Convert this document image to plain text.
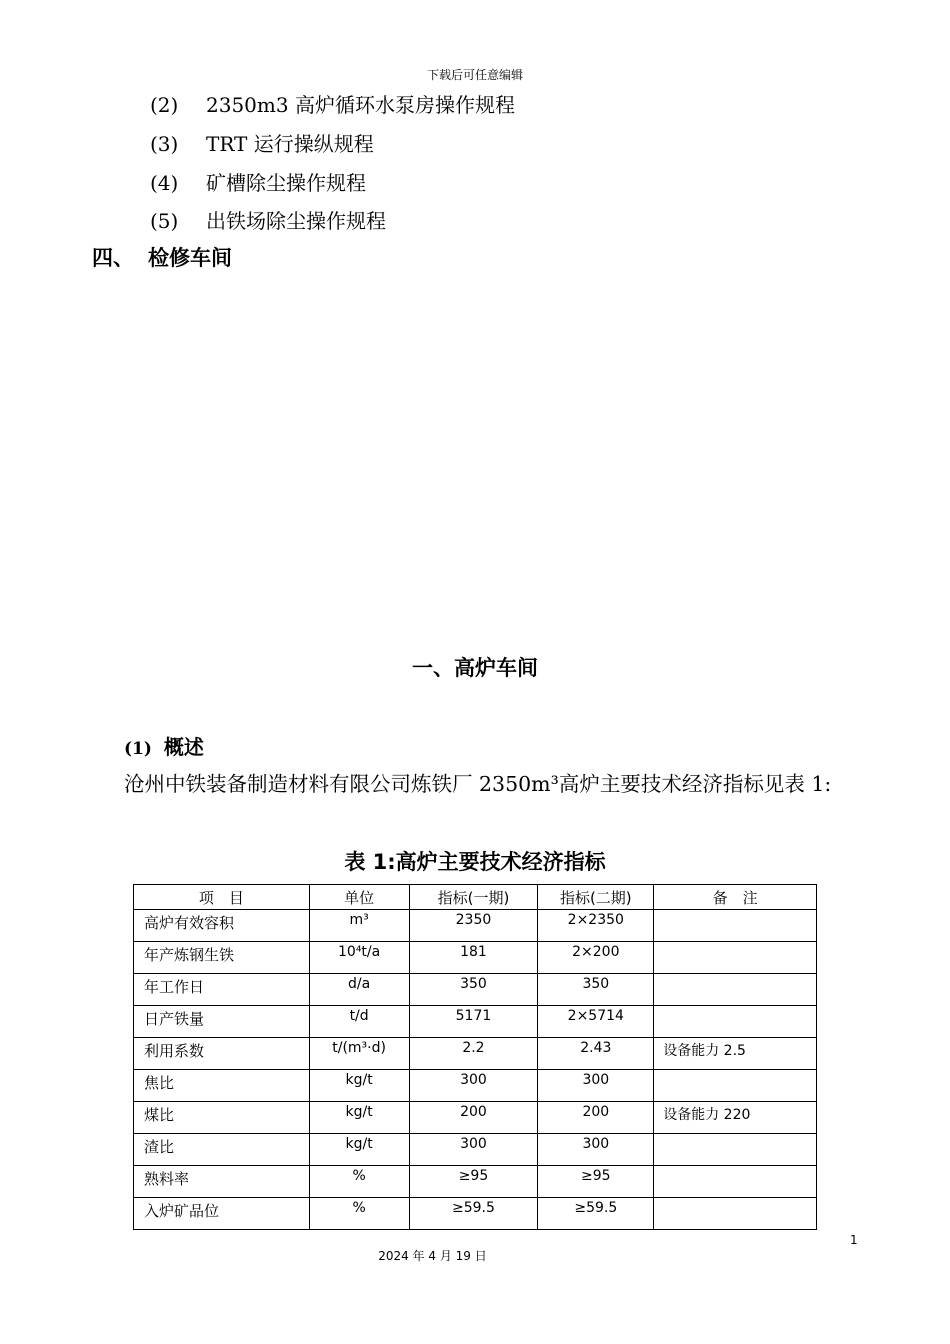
下载后可任意编辑
(2) 2350m3 高炉循环水泵房操作规程
(3) TRT 运行操纵规程
(4) 矿槽除尘操作规程
(5) 出铁场除尘操作规程
四、 检修车间
一、高炉车间
(1) 概述
沧州中铁装备制造材料有限公司炼铁厂 2350m³高炉主要技术经济指标见表 1:
表 1:高炉主要技术经济指标
项　目	单位	指标(一期)	指标(二期)	备　注
高炉有效容积	m³	2350	2×2350	
年产炼钢生铁	10⁴t/a	181	2×200	
年工作日	d/a	350	350	
日产铁量	t/d	5171	2×5714	
利用系数	t/(m³·d)	2.2	2.43	设备能力 2.5
焦比	kg/t	300	300	
煤比	kg/t	200	200	设备能力 220
渣比	kg/t	300	300	
熟料率	%	≥95	≥95	
入炉矿品位	%	≥59.5	≥59.5	
1
2024 年 4 月 19 日
